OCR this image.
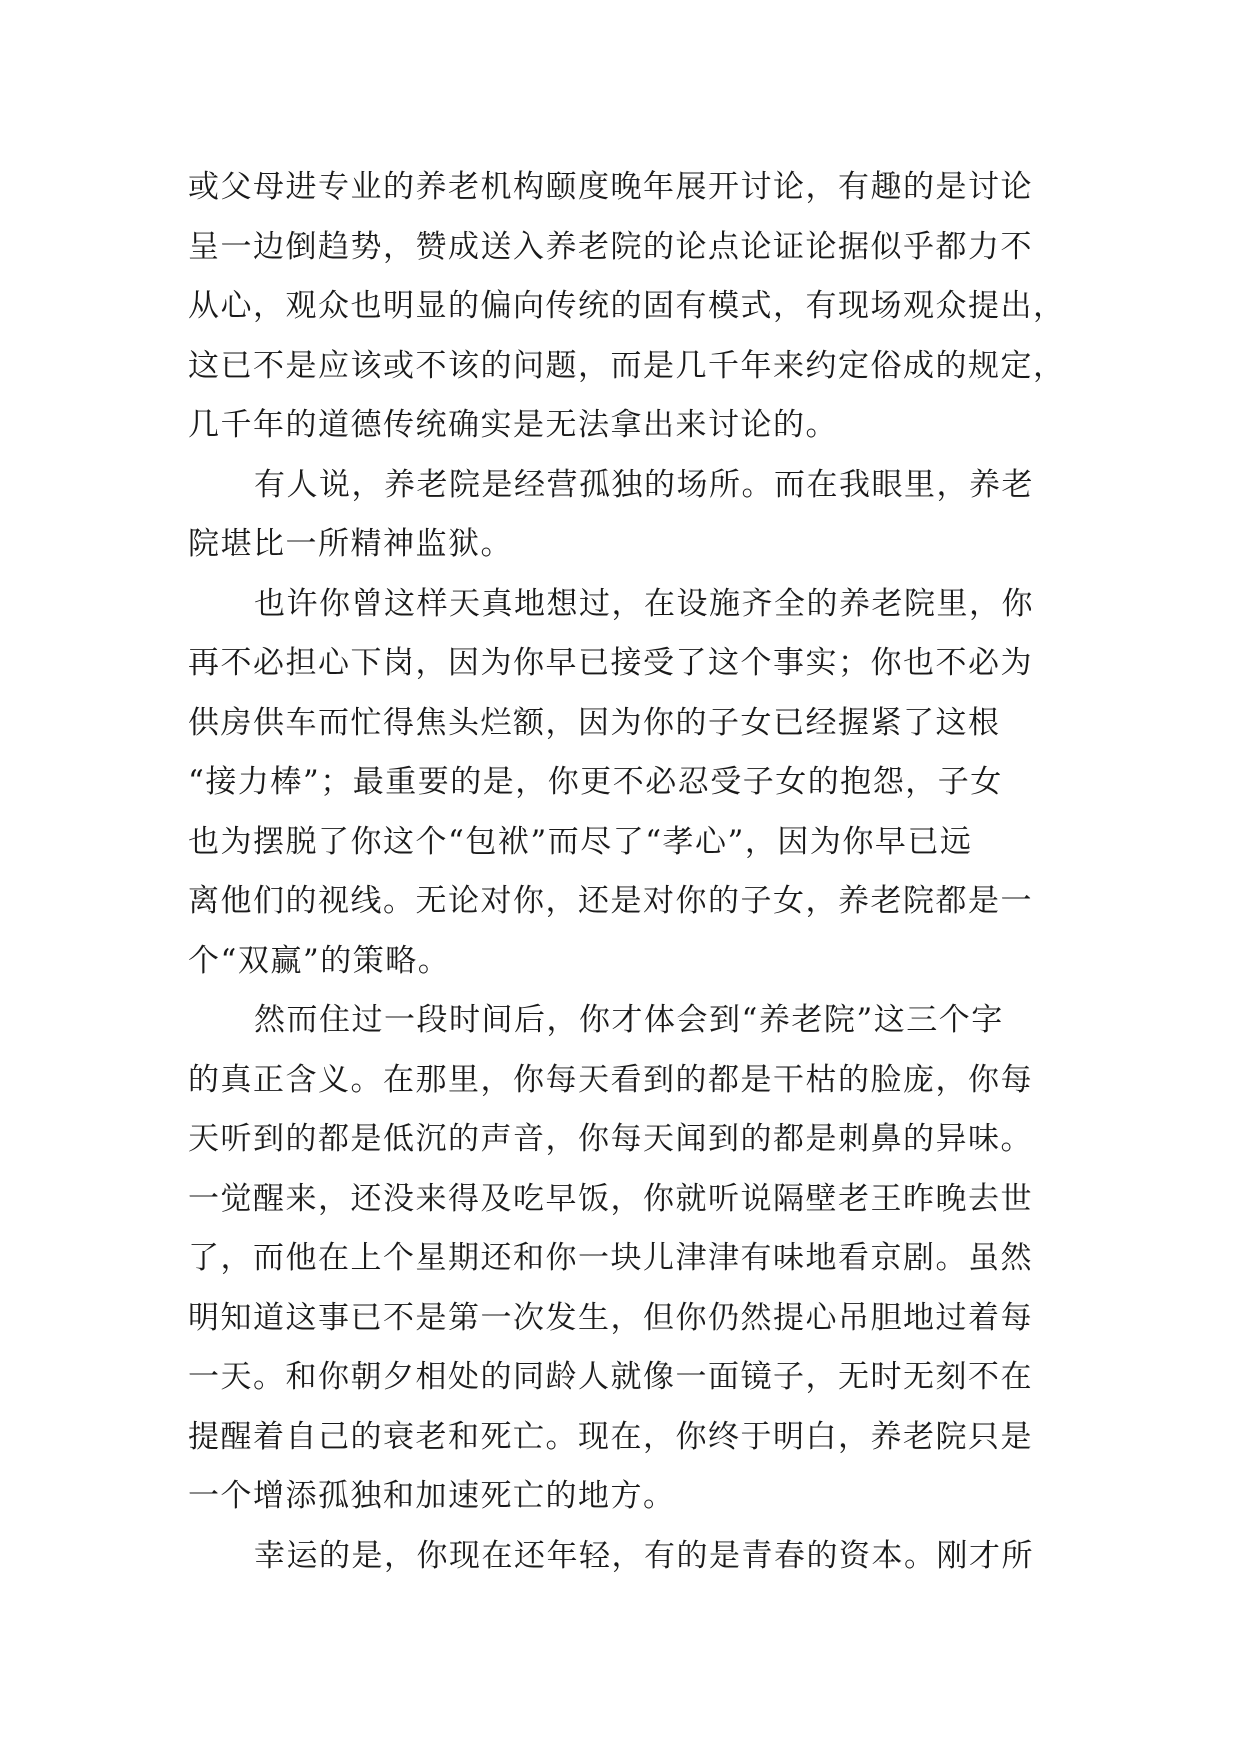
或父母进专业的养老机构颐度晚年展开讨论，有趣的是讨论
呈一边倒趋势，赞成送入养老院的论点论证论据似乎都力不
从心，观众也明显的偏向传统的固有模式，有现场观众提出，
这已不是应该或不该的问题，而是几千年来约定俗成的规定，
几千年的道德传统确实是无法拿出来讨论的。

有人说，养老院是经营孤独的场所。而在我眼里，养老
院堪比一所精神监狱。

也许你曾这样天真地想过，在设施齐全的养老院里，你
再不必担心下岗，因为你早已接受了这个事实；你也不必为
供房供车而忙得焦头烂额，因为你的子女已经握紧了这根
“接力棒”；最重要的是，你更不必忍受子女的抱怨，子女
也为摆脱了你这个“包袱”而尽了“孝心”，因为你早已远
离他们的视线。无论对你，还是对你的子女，养老院都是一
个“双赢”的策略。

然而住过一段时间后，你才体会到“养老院”这三个字
的真正含义。在那里，你每天看到的都是干枯的脸庞，你每
天听到的都是低沉的声音，你每天闻到的都是刺鼻的异味。
一觉醒来，还没来得及吃早饭，你就听说隔壁老王昨晚去世
了，而他在上个星期还和你一块儿津津有味地看京剧。虽然
明知道这事已不是第一次发生，但你仍然提心吊胆地过着每
一天。和你朝夕相处的同龄人就像一面镜子，无时无刻不在
提醒着自己的衰老和死亡。现在，你终于明白，养老院只是
一个增添孤独和加速死亡的地方。

幸运的是，你现在还年轻，有的是青春的资本。刚才所
